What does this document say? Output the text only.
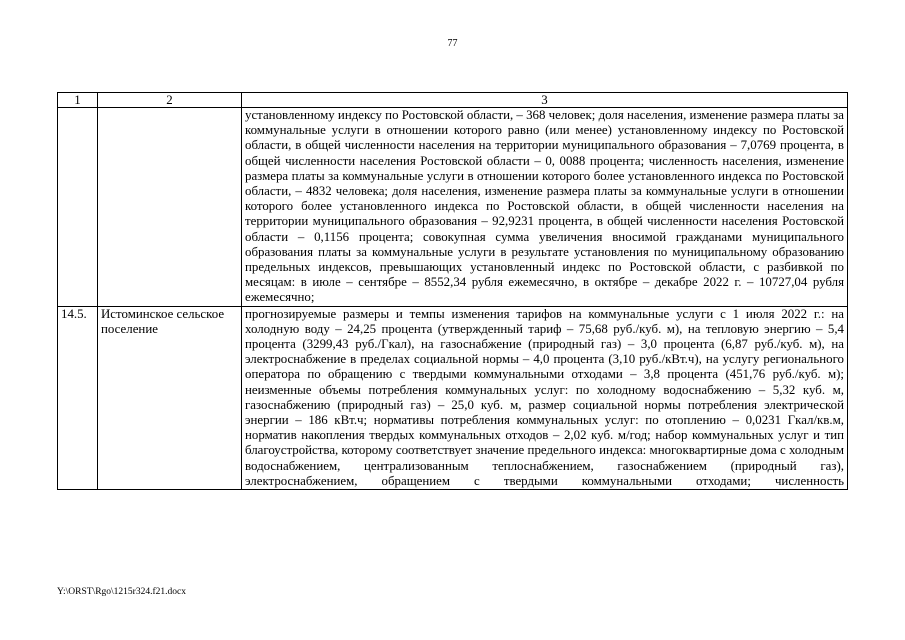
77
1	2	3
		установленному индексу по Ростовской области, – 368 человек; доля населения, изменение размера платы за коммунальные услуги в отношении которого равно (или менее) установленному индексу по Ростовской области, в общей численности населения на территории муниципального образования – 7,0769 процента, в общей численности населения Ростовской области – 0, 0088 процента; численность населения, изменение размера платы за коммунальные услуги в отношении которого более установленного индекса по Ростовской области, – 4832 человека; доля населения, изменение размера платы за коммунальные услуги в отношении которого более установленного индекса по Ростовской области, в общей численности населения на территории муниципального образования – 92,9231 процента, в общей численности населения Ростовской области – 0,1156 процента; совокупная сумма увеличения вносимой гражданами муниципального образования платы за коммунальные услуги в результате установления по муниципальному образованию предельных индексов, превышающих установленный индекс по Ростовской области, с разбивкой по месяцам: в июле – сентябре – 8552,34 рубля ежемесячно, в октябре – декабре 2022 г. – 10727,04 рубля ежемесячно;
14.5.	Истоминское сельское поселение	прогнозируемые размеры и темпы изменения тарифов на коммунальные услуги с 1 июля 2022 г.: на холодную воду – 24,25 процента (утвержденный тариф – 75,68 руб./куб. м), на тепловую энергию – 5,4 процента (3299,43 руб./Гкал), на газоснабжение (природный газ) – 3,0 процента (6,87 руб./куб. м), на электроснабжение в пределах социальной нормы – 4,0 процента (3,10 руб./кВт.ч), на услугу регионального оператора по обращению с твердыми коммунальными отходами – 3,8 процента (451,76 руб./куб. м); неизменные объемы потребления коммунальных услуг: по холодному водоснабжению – 5,32 куб. м, газоснабжению (природный газ) – 25,0 куб. м, размер социальной нормы потребления электрической энергии – 186 кВт.ч; нормативы потребления коммунальных услуг: по отоплению – 0,0231 Гкал/кв.м, норматив накопления твердых коммунальных отходов – 2,02 куб. м/год; набор коммунальных услуг и тип благоустройства, которому соответствует значение предельного индекса: многоквартирные дома с холодным водоснабжением, централизованным теплоснабжением, газоснабжением (природный газ), электроснабжением, обращением с твердыми коммунальными отходами; численность
Y:\ORST\Rgo\1215r324.f21.docx
